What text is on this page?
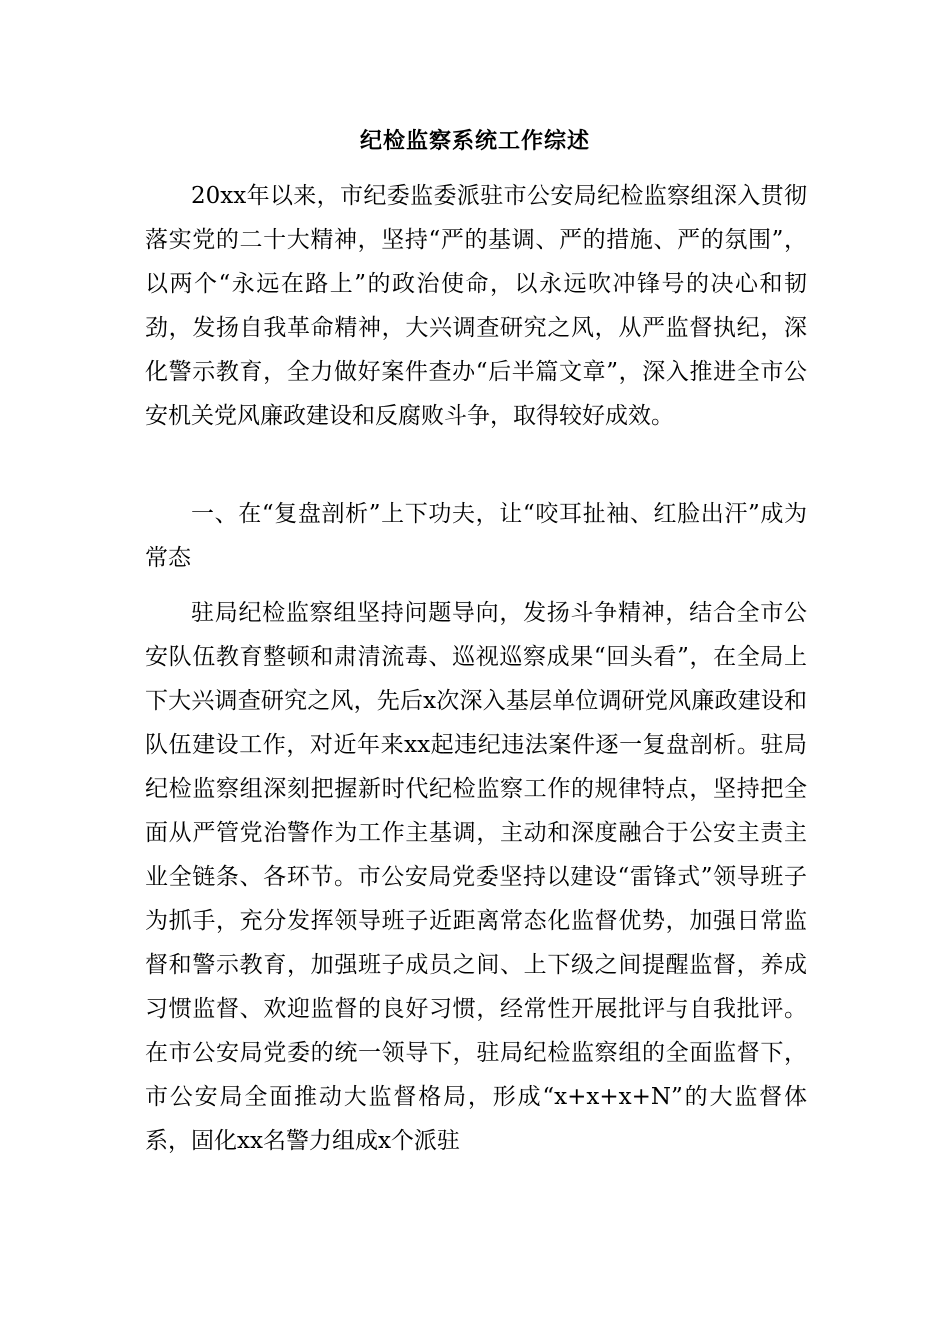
纪检监察系统工作综述

20xx年以来，市纪委监委派驻市公安局纪检监察组深入贯彻落实党的二十大精神，坚持“严的基调、严的措施、严的氛围”，以两个“永远在路上”的政治使命，以永远吹冲锋号的决心和韧劲，发扬自我革命精神，大兴调查研究之风，从严监督执纪，深化警示教育，全力做好案件查办“后半篇文章”，深入推进全市公安机关党风廉政建设和反腐败斗争，取得较好成效。

一、在“复盘剖析”上下功夫，让“咬耳扯袖、红脸出汗”成为常态

驻局纪检监察组坚持问题导向，发扬斗争精神，结合全市公安队伍教育整顿和肃清流毒、巡视巡察成果“回头看”，在全局上下大兴调查研究之风，先后x次深入基层单位调研党风廉政建设和队伍建设工作，对近年来xx起违纪违法案件逐一复盘剖析。驻局纪检监察组深刻把握新时代纪检监察工作的规律特点，坚持把全面从严管党治警作为工作主基调，主动和深度融合于公安主责主业全链条、各环节。市公安局党委坚持以建设“雷锋式”领导班子为抓手，充分发挥领导班子近距离常态化监督优势，加强日常监督和警示教育，加强班子成员之间、上下级之间提醒监督，养成习惯监督、欢迎监督的良好习惯，经常性开展批评与自我批评。在市公安局党委的统一领导下，驻局纪检监察组的全面监督下，市公安局全面推动大监督格局，形成“x+x+x+N”的大监督体系，固化xx名警力组成x个派驻
